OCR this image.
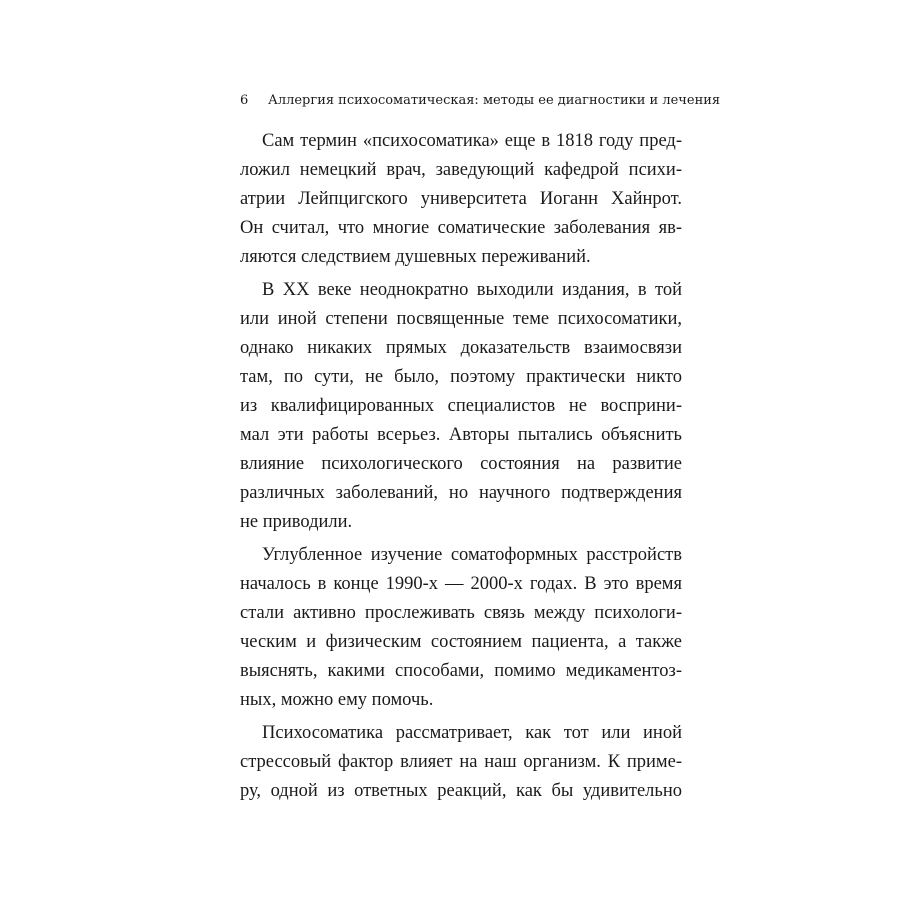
6 Аллергия психосоматическая: методы ее диагностики и лечения
Сам термин «психосоматика» еще в 1818 году пред-
ложил немецкий врач, заведующий кафедрой психи-
атрии Лейпцигского университета Иоганн Хайнрот.
Он считал, что многие соматические заболевания яв-
ляются следствием душевных переживаний.
В XX веке неоднократно выходили издания, в той
или иной степени посвященные теме психосоматики,
однако никаких прямых доказательств взаимосвязи
там, по сути, не было, поэтому практически никто
из квалифицированных специалистов не восприни-
мал эти работы всерьез. Авторы пытались объяснить
влияние психологического состояния на развитие
различных заболеваний, но научного подтверждения
не приводили.
Углубленное изучение соматоформных расстройств
началось в конце 1990-х — 2000-х годах. В это время
стали активно прослеживать связь между психологи-
ческим и физическим состоянием пациента, а также
выяснять, какими способами, помимо медикаментоз-
ных, можно ему помочь.
Психосоматика рассматривает, как тот или иной
стрессовый фактор влияет на наш организм. К приме-
ру, одной из ответных реакций, как бы удивительно
